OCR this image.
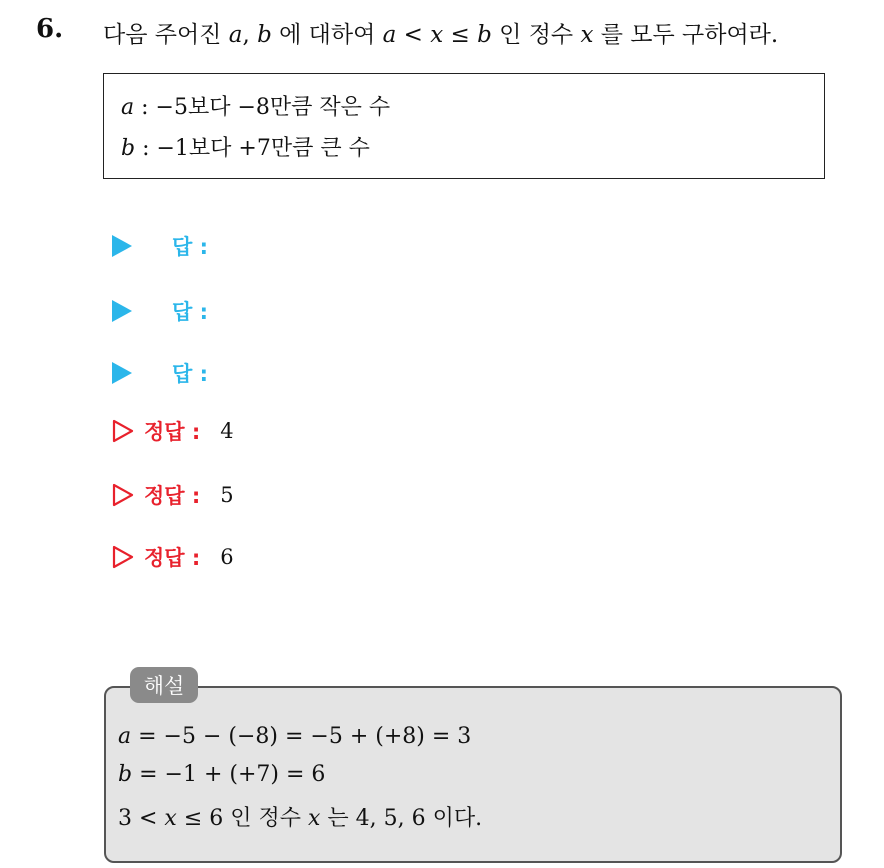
6. 다음 주어진 a, b 에 대하여 a < x ≤ b 인 정수 x 를 모두 구하여라.
a : −5보다 −8만큼 작은 수
b : −1보다 +7만큼 큰 수
답 :
답 :
답 :
정답 : 4
정답 : 5
정답 : 6
a = −5 − (−8) = −5 + (+8) = 3
b = −1 + (+7) = 6
3 < x ≤ 6 인 정수 x 는 4, 5, 6 이다.
해설
